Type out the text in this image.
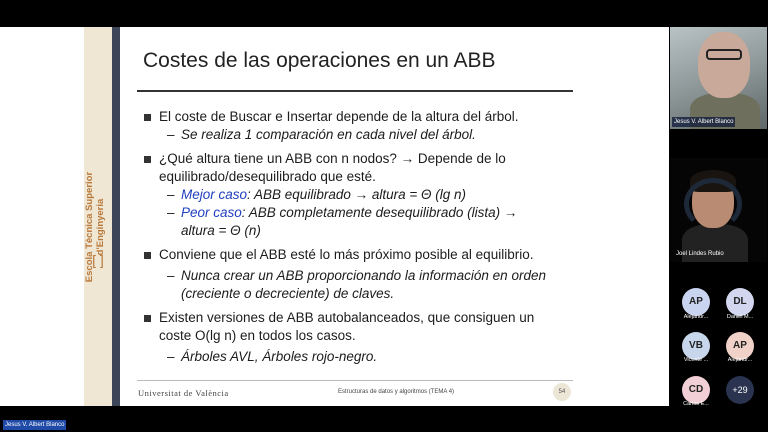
Escola Tècnica Superior d'Enginyeria
[ ]
Costes de las operaciones en un ABB
El coste de Buscar e Insertar depende de la altura del árbol.
– Se realiza 1 comparación en cada nivel del árbol.
¿Qué altura tiene un ABB con n nodos? → Depende de lo
equilibrado/desequilibrado que esté.
– Mejor caso: ABB equilibrado → altura = Θ (lg n)
– Peor caso: ABB completamente desequilibrado (lista) →
altura = Θ (n)
Conviene que el ABB esté lo más próximo posible al equilibrio.
– Nunca crear un ABB proporcionando la información en orden
(creciente o decreciente) de claves.
Existen versiones de ABB autobalanceados, que consiguen un
coste O(lg n) en todos los casos.
– Árboles AVL, Árboles rojo-negro.
Universitat de València	Estructuras de datos y algoritmos (TEMA 4)	54
Jesus V. Albert Blanco
Joel Lindes Rubio
AP
Alejandr...
DL
Daniel M...
VB
Vicente ...
AP
Alejandr...
CD
Carlos E...
+29
Jesus V. Albert Blanco
